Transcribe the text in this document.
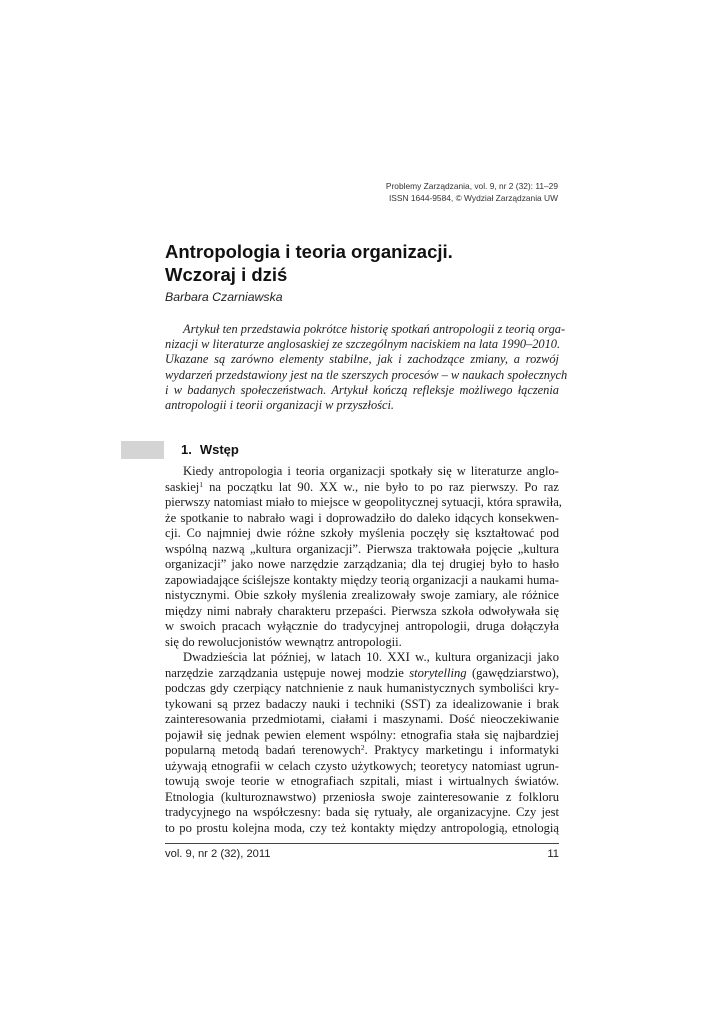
Problemy Zarządzania, vol. 9, nr 2 (32): 11–29
ISSN 1644-9584, © Wydział Zarządzania UW
Antropologia i teoria organizacji.
Wczoraj i dziś
Barbara Czarniawska
Artykuł ten przedstawia pokrótce historię spotkań antropologii z teorią orga-
nizacji w literaturze anglosaskiej ze szczególnym naciskiem na lata 1990–2010.
Ukazane są zarówno elementy stabilne, jak i zachodzące zmiany, a rozwój
wydarzeń przedstawiony jest na tle szerszych procesów – w naukach społecznych
i w badanych społeczeństwach. Artykuł kończą refleksje możliwego łączenia
antropologii i teorii organizacji w przyszłości.
1. Wstęp
Kiedy antropologia i teoria organizacji spotkały się w literaturze anglo-
saskiej$^1$ na początku lat 90. XX w., nie było to po raz pierwszy. Po raz
pierwszy natomiast miało to miejsce w geopolitycznej sytuacji, która sprawiła,
że spotkanie to nabrało wagi i doprowadziło do daleko idących konsekwen-
cji. Co najmniej dwie różne szkoły myślenia poczęły się kształtować pod
wspólną nazwą „kultura organizacji”. Pierwsza traktowała pojęcie „kultura
organizacji” jako nowe narzędzie zarządzania; dla tej drugiej było to hasło
zapowiadające ściślejsze kontakty między teorią organizacji a naukami huma-
nistycznymi. Obie szkoły myślenia zrealizowały swoje zamiary, ale różnice
między nimi nabrały charakteru przepaści. Pierwsza szkoła odwoływała się
w swoich pracach wyłącznie do tradycyjnej antropologii, druga dołączyła
się do rewolucjonistów wewnątrz antropologii.
Dwadzieścia lat później, w latach 10. XXI w., kultura organizacji jako
narzędzie zarządzania ustępuje nowej modzie storytelling (gawędziarstwo),
podczas gdy czerpiący natchnienie z nauk humanistycznych symboliści kry-
tykowani są przez badaczy nauki i techniki (SST) za idealizowanie i brak
zainteresowania przedmiotami, ciałami i maszynami. Dość nieoczekiwanie
pojawił się jednak pewien element wspólny: etnografia stała się najbardziej
popularną metodą badań terenowych$^2$. Praktycy marketingu i informatyki
używają etnografii w celach czysto użytkowych; teoretycy natomiast ugrun-
towują swoje teorie w etnografiach szpitali, miast i wirtualnych światów.
Etnologia (kulturoznawstwo) przeniosła swoje zainteresowanie z folkloru
tradycyjnego na współczesny: bada się rytuały, ale organizacyjne. Czy jest
to po prostu kolejna moda, czy też kontakty między antropologią, etnologią
vol. 9, nr 2 (32), 2011	11
